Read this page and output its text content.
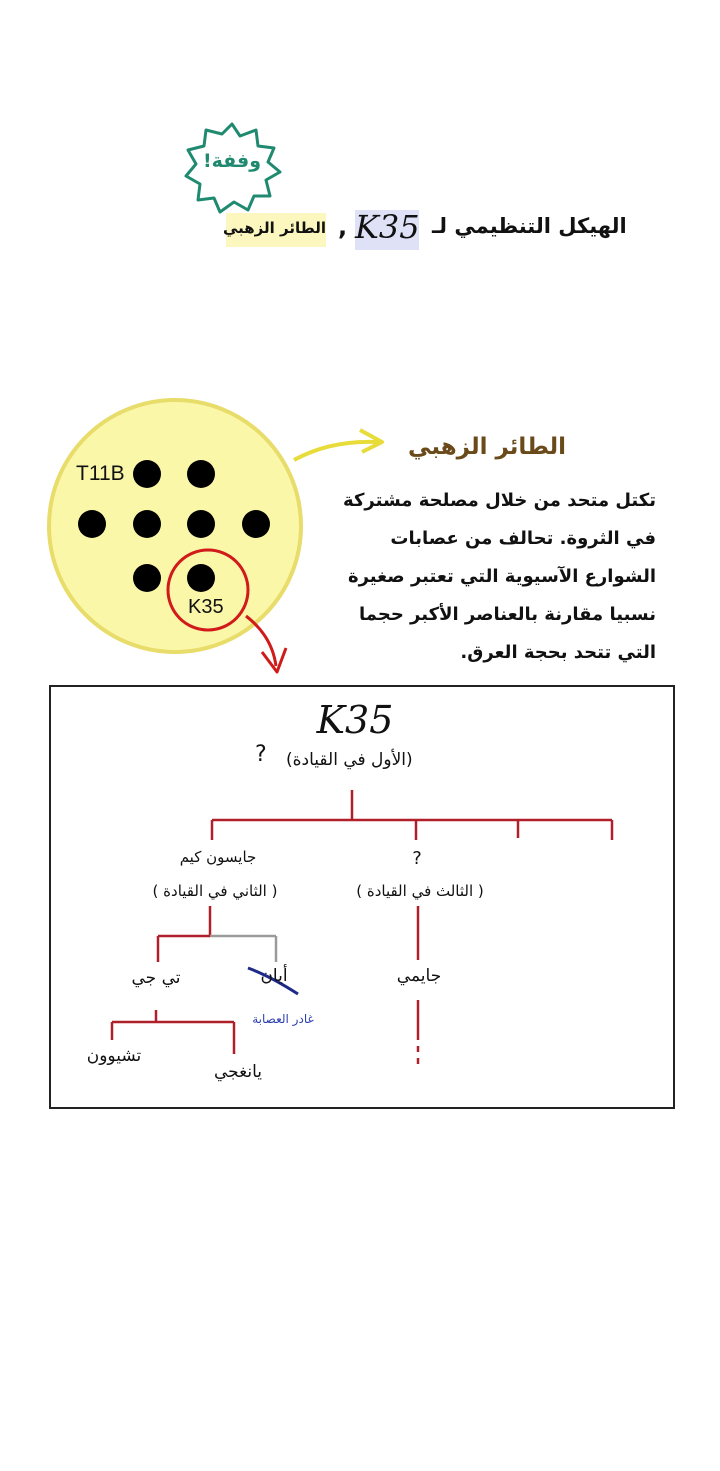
وففة!
الهيكل التنظيمي لـ
K35
,
الطائر الزهبي
T11B
K35
الطائر الزهبي
تكتل متحد من خلال مصلحة مشتركة في الثروة. تحالف من عصابات الشوارع الآسيوية التي تعتبر صغيرة نسبيا مقارنة بالعناصر الأكبر حجما التي تتحد بحجة العرق.
K35
? (الأول في القيادة)
جايسون كيم
( الثاني في القيادة )
?
( الثالث في القيادة )
تي جي	أيان
غادر العصابة
جايمي
تشيوون
يانغجي
